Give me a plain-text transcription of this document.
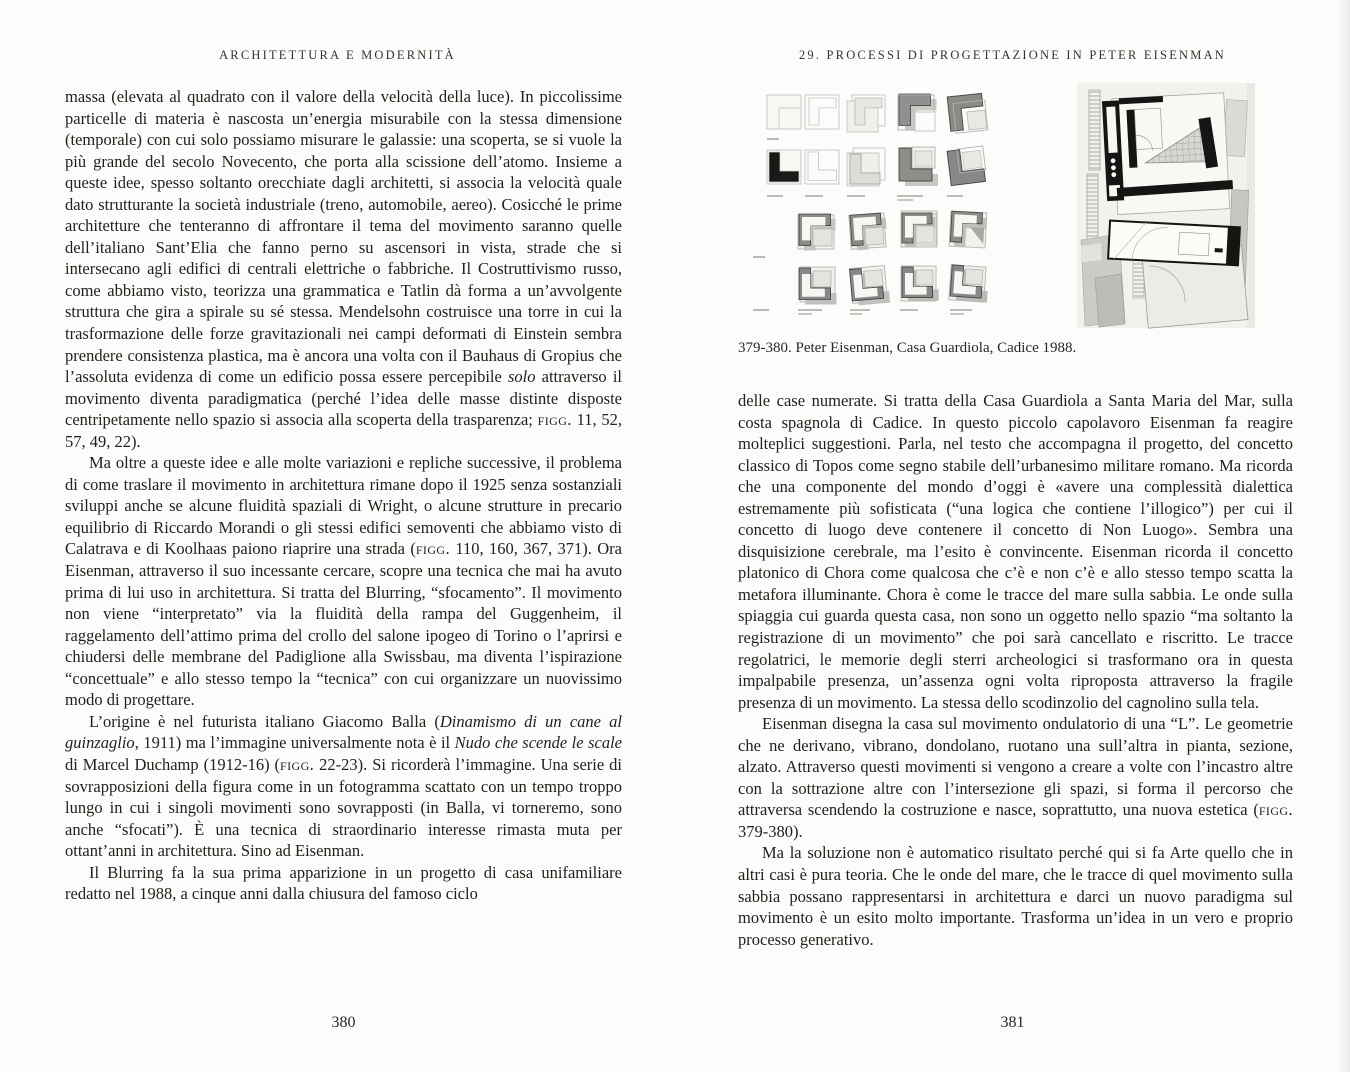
ARCHITETTURA E MODERNITÀ

massa (elevata al quadrato con il valore della velocità della luce). In piccolissime particelle di materia è nascosta un’energia misurabile con la stessa dimensione (temporale) con cui solo possiamo misurare le galassie: una scoperta, se si vuole la più grande del secolo Novecento, che porta alla scissione dell’atomo. Insieme a queste idee, spesso soltanto orecchiate dagli architetti, si associa la velocità quale dato strutturante la società industriale (treno, automobile, aereo). Cosicché le prime architetture che tenteranno di affrontare il tema del movimento saranno quelle dell’italiano Sant’Elia che fanno perno su ascensori in vista, strade che si intersecano agli edifici di centrali elettriche o fabbriche. Il Costruttivismo russo, come abbiamo visto, teorizza una grammatica e Tatlin dà forma a un’avvolgente struttura che gira a spirale su sé stessa. Mendelsohn costruisce una torre in cui la trasformazione delle forze gravitazionali nei campi deformati di Einstein sembra prendere consistenza plastica, ma è ancora una volta con il Bauhaus di Gropius che l’assoluta evidenza di come un edificio possa essere percepibile solo attraverso il movimento diventa paradigmatica (perché l’idea delle masse distinte disposte centripetamente nello spazio si associa alla scoperta della trasparenza; figg. 11, 52, 57, 49, 22).

Ma oltre a queste idee e alle molte variazioni e repliche successive, il problema di come traslare il movimento in architettura rimane dopo il 1925 senza sostanziali sviluppi anche se alcune fluidità spaziali di Wright, o alcune strutture in precario equilibrio di Riccardo Morandi o gli stessi edifici semoventi che abbiamo visto di Calatrava e di Koolhaas paiono riaprire una strada (figg. 110, 160, 367, 371). Ora Eisenman, attraverso il suo incessante cercare, scopre una tecnica che mai ha avuto prima di lui uso in architettura. Si tratta del Blurring, “sfocamento”. Il movimento non viene “interpretato” via la fluidità della rampa del Guggenheim, il raggelamento dell’attimo prima del crollo del salone ipogeo di Torino o l’aprirsi e chiudersi delle membrane del Padiglione alla Swissbau, ma diventa l’ispirazione “concettuale” e allo stesso tempo la “tecnica” con cui organizzare un nuovissimo modo di progettare.

L’origine è nel futurista italiano Giacomo Balla (Dinamismo di un cane al guinzaglio, 1911) ma l’immagine universalmente nota è il Nudo che scende le scale di Marcel Duchamp (1912-16) (figg. 22-23). Si ricorderà l’immagine. Una serie di sovrapposizioni della figura come in un fotogramma scattato con un tempo troppo lungo in cui i singoli movimenti sono sovrapposti (in Balla, vi torneremo, sono anche “sfocati”). È una tecnica di straordinario interesse rimasta muta per ottant’anni in architettura. Sino ad Eisenman.

Il Blurring fa la sua prima apparizione in un progetto di casa unifamiliare redatto nel 1988, a cinque anni dalla chiusura del famoso ciclo

380
29. PROCESSI DI PROGETTAZIONE IN PETER EISENMAN
379-380. Peter Eisenman, Casa Guardiola, Cadice 1988.

delle case numerate. Si tratta della Casa Guardiola a Santa Maria del Mar, sulla costa spagnola di Cadice. In questo piccolo capolavoro Eisenman fa reagire molteplici suggestioni. Parla, nel testo che accompagna il progetto, del concetto classico di Topos come segno stabile dell’urbanesimo militare romano. Ma ricorda che una componente del mondo d’oggi è «avere una complessità dialettica estremamente più sofisticata (“una logica che contiene l’illogico”) per cui il concetto di luogo deve contenere il concetto di Non Luogo». Sembra una disquisizione cerebrale, ma l’esito è convincente. Eisenman ricorda il concetto platonico di Chora come qualcosa che c’è e non c’è e allo stesso tempo scatta la metafora illuminante. Chora è come le tracce del mare sulla sabbia. Le onde sulla spiaggia cui guarda questa casa, non sono un oggetto nello spazio “ma soltanto la registrazione di un movimento” che poi sarà cancellato e riscritto. Le tracce regolatrici, le memorie degli sterri archeologici si trasformano ora in questa impalpabile presenza, un’assenza ogni volta riproposta attraverso la fragile presenza di un movimento. La stessa dello scodinzolio del cagnolino sulla tela.

Eisenman disegna la casa sul movimento ondulatorio di una “L”. Le geometrie che ne derivano, vibrano, dondolano, ruotano una sull’altra in pianta, sezione, alzato. Attraverso questi movimenti si vengono a creare a volte con l’incastro altre con la sottrazione altre con l’intersezione gli spazi, si forma il percorso che attraversa scendendo la costruzione e nasce, soprattutto, una nuova estetica (figg. 379-380).

Ma la soluzione non è automatico risultato perché qui si fa Arte quello che in altri casi è pura teoria. Che le onde del mare, che le tracce di quel movimento sulla sabbia possano rappresentarsi in architettura e darci un nuovo paradigma sul movimento è un esito molto importante. Trasforma un’idea in un vero e proprio processo generativo.

381
